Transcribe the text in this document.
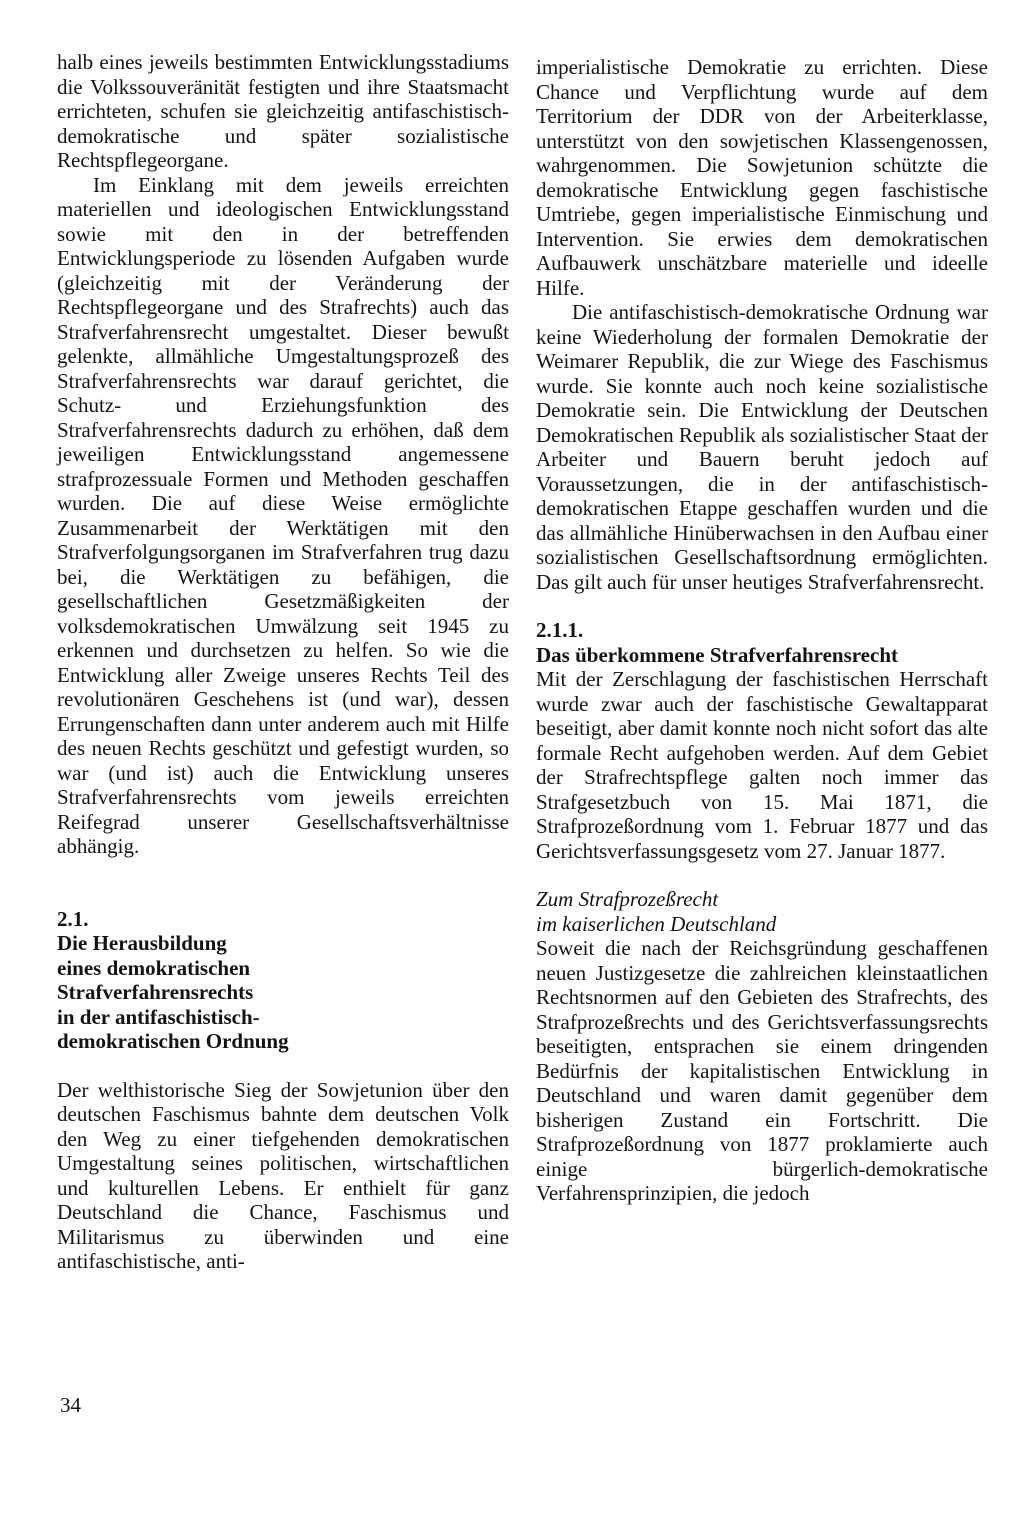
halb eines jeweils bestimmten Entwicklungsstadiums die Volkssouveränität festigten und ihre Staatsmacht errichteten, schufen sie gleichzeitig antifaschistisch-demokratische und später sozialistische Rechtspflegeorgane.

Im Einklang mit dem jeweils erreichten materiellen und ideologischen Entwicklungsstand sowie mit den in der betreffenden Entwicklungsperiode zu lösenden Aufgaben wurde (gleichzeitig mit der Veränderung der Rechtspflegeorgane und des Strafrechts) auch das Strafverfahrensrecht umgestaltet. Dieser bewußt gelenkte, allmähliche Umgestaltungsprozeß des Strafverfahrensrechts war darauf gerichtet, die Schutz- und Erziehungsfunktion des Strafverfahrensrechts dadurch zu erhöhen, daß dem jeweiligen Entwicklungsstand angemessene strafprozessuale Formen und Methoden geschaffen wurden. Die auf diese Weise ermöglichte Zusammenarbeit der Werktätigen mit den Strafverfolgungsorganen im Strafverfahren trug dazu bei, die Werktätigen zu befähigen, die gesellschaftlichen Gesetzmäßigkeiten der volksdemokratischen Umwälzung seit 1945 zu erkennen und durchsetzen zu helfen. So wie die Entwicklung aller Zweige unseres Rechts Teil des revolutionären Geschehens ist (und war), dessen Errungenschaften dann unter anderem auch mit Hilfe des neuen Rechts geschützt und gefestigt wurden, so war (und ist) auch die Entwicklung unseres Strafverfahrensrechts vom jeweils erreichten Reifegrad unserer Gesellschaftsverhältnisse abhängig.

2.1.

Die Herausbildung
eines demokratischen
Strafverfahrensrechts
in der antifaschistisch-
demokratischen Ordnung

Der welthistorische Sieg der Sowjetunion über den deutschen Faschismus bahnte dem deutschen Volk den Weg zu einer tiefgehenden demokratischen Umgestaltung seines politischen, wirtschaftlichen und kulturellen Lebens. Er enthielt für ganz Deutschland die Chance, Faschismus und Militarismus zu überwinden und eine antifaschistische, anti-

imperialistische Demokratie zu errichten. Diese Chance und Verpflichtung wurde auf dem Territorium der DDR von der Arbeiterklasse, unterstützt von den sowjetischen Klassengenossen, wahrgenommen. Die Sowjetunion schützte die demokratische Entwicklung gegen faschistische Umtriebe, gegen imperialistische Einmischung und Intervention. Sie erwies dem demokratischen Aufbauwerk unschätzbare materielle und ideelle Hilfe.

Die antifaschistisch-demokratische Ordnung war keine Wiederholung der formalen Demokratie der Weimarer Republik, die zur Wiege des Faschismus wurde. Sie konnte auch noch keine sozialistische Demokratie sein. Die Entwicklung der Deutschen Demokratischen Republik als sozialistischer Staat der Arbeiter und Bauern beruht jedoch auf Voraussetzungen, die in der antifaschistisch-demokratischen Etappe geschaffen wurden und die das allmähliche Hinüberwachsen in den Aufbau einer sozialistischen Gesellschaftsordnung ermöglichten. Das gilt auch für unser heutiges Strafverfahrensrecht.

2.1.1.

Das überkommene Strafverfahrensrecht

Mit der Zerschlagung der faschistischen Herrschaft wurde zwar auch der faschistische Gewaltapparat beseitigt, aber damit konnte noch nicht sofort das alte formale Recht aufgehoben werden. Auf dem Gebiet der Strafrechtspflege galten noch immer das Strafgesetzbuch von 15. Mai 1871, die Strafprozeßordnung vom 1. Februar 1877 und das Gerichtsverfassungsgesetz vom 27. Januar 1877.

Zum Strafprozeßrecht
im kaiserlichen Deutschland

Soweit die nach der Reichsgründung geschaffenen neuen Justizgesetze die zahlreichen kleinstaatlichen Rechtsnormen auf den Gebieten des Strafrechts, des Strafprozeßrechts und des Gerichtsverfassungsrechts beseitigten, entsprachen sie einem dringenden Bedürfnis der kapitalistischen Entwicklung in Deutschland und waren damit gegenüber dem bisherigen Zustand ein Fortschritt. Die Strafprozeßordnung von 1877 proklamierte auch einige bürgerlich-demokratische Verfahrensprinzipien, die jedoch

34
